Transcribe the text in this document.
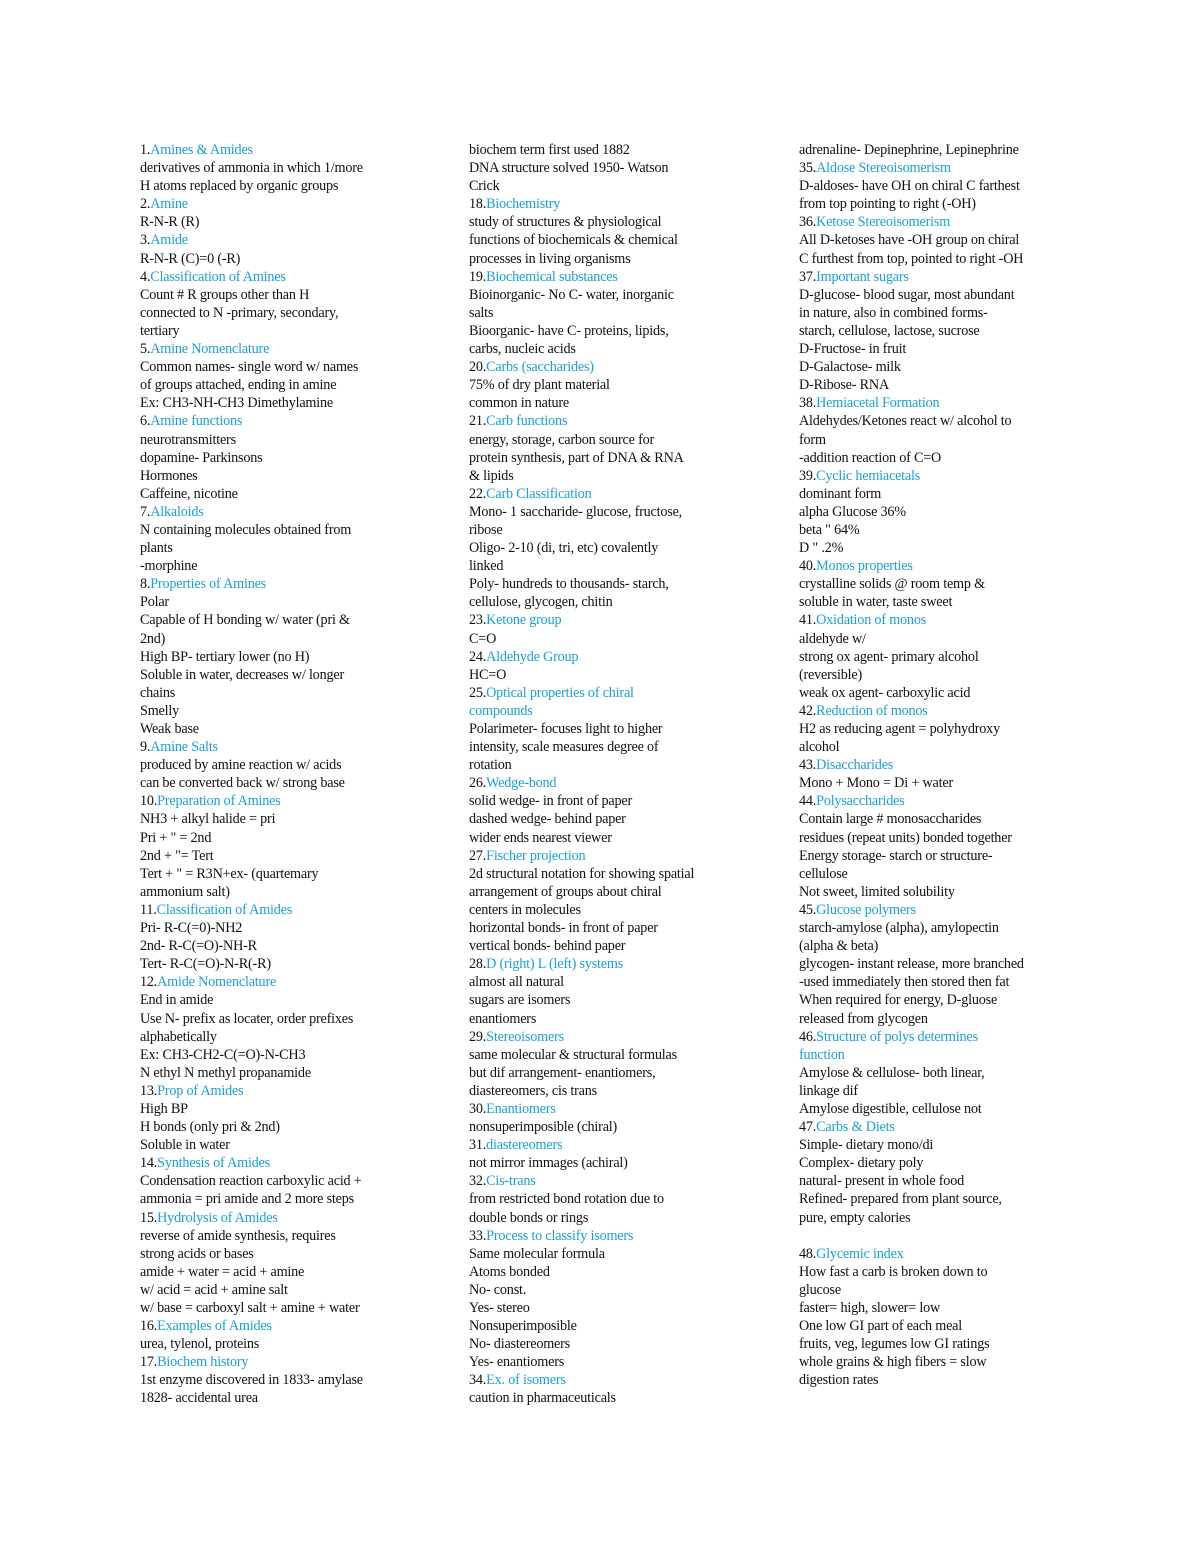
1.Amines & Amides
derivatives of ammonia in which 1/more
H atoms replaced by organic groups
2.Amine
R-N-R (R)
3.Amide
R-N-R (C)=0 (-R)
4.Classification of Amines
Count # R groups other than H
connected to N -primary, secondary,
tertiary
5.Amine Nomenclature
Common names- single word w/ names
of groups attached, ending in amine
Ex: CH3-NH-CH3 Dimethylamine
6.Amine functions
neurotransmitters
dopamine- Parkinsons
Hormones
Caffeine, nicotine
7.Alkaloids
N containing molecules obtained from
plants
-morphine
8.Properties of Amines
Polar
Capable of H bonding w/ water (pri &
2nd)
High BP- tertiary lower (no H)
Soluble in water, decreases w/ longer
chains
Smelly
Weak base
9.Amine Salts
produced by amine reaction w/ acids
can be converted back w/ strong base
10.Preparation of Amines
NH3 + alkyl halide = pri
Pri + " = 2nd
2nd + "= Tert
Tert + " = R3N+ex- (quartemary
ammonium salt)
11.Classification of Amides
Pri- R-C(=0)-NH2
2nd- R-C(=O)-NH-R
Tert- R-C(=O)-N-R(-R)
12.Amide Nomenclature
End in amide
Use N- prefix as locater, order prefixes
alphabetically
Ex: CH3-CH2-C(=O)-N-CH3
N ethyl N methyl propanamide
13.Prop of Amides
High BP
H bonds (only pri & 2nd)
Soluble in water
14.Synthesis of Amides
Condensation reaction carboxylic acid +
ammonia = pri amide and 2 more steps
15.Hydrolysis of Amides
reverse of amide synthesis, requires
strong acids or bases
amide + water = acid + amine
w/ acid = acid + amine salt
w/ base = carboxyl salt + amine + water
16.Examples of Amides
urea, tylenol, proteins
17.Biochem history
1st enzyme discovered in 1833- amylase
1828- accidental urea
biochem term first used 1882
DNA structure solved 1950- Watson
Crick
18.Biochemistry
study of structures & physiological
functions of biochemicals & chemical
processes in living organisms
19.Biochemical substances
Bioinorganic- No C- water, inorganic
salts
Bioorganic- have C- proteins, lipids,
carbs, nucleic acids
20.Carbs (saccharides)
75% of dry plant material
common in nature
21.Carb functions
energy, storage, carbon source for
protein synthesis, part of DNA & RNA
& lipids
22.Carb Classification
Mono- 1 saccharide- glucose, fructose,
ribose
Oligo- 2-10 (di, tri, etc) covalently
linked
Poly- hundreds to thousands- starch,
cellulose, glycogen, chitin
23.Ketone group
C=O
24.Aldehyde Group
HC=O
25.Optical properties of chiral
compounds
Polarimeter- focuses light to higher
intensity, scale measures degree of
rotation
26.Wedge-bond
solid wedge- in front of paper
dashed wedge- behind paper
wider ends nearest viewer
27.Fischer projection
2d structural notation for showing spatial
arrangement of groups about chiral
centers in molecules
horizontal bonds- in front of paper
vertical bonds- behind paper
28.D (right) L (left) systems
almost all natural
sugars are isomers
enantiomers
29.Stereoisomers
same molecular & structural formulas
but dif arrangement- enantiomers,
diastereomers, cis trans
30.Enantiomers
nonsuperimposible (chiral)
31.diastereomers
not mirror immages (achiral)
32.Cis-trans
from restricted bond rotation due to
double bonds or rings
33.Process to classify isomers
Same molecular formula
Atoms bonded
No- const.
Yes- stereo
Nonsuperimposible
No- diastereomers
Yes- enantiomers
34.Ex. of isomers
caution in pharmaceuticals
adrenaline- Depinephrine, Lepinephrine
35.Aldose Stereoisomerism
D-aldoses- have OH on chiral C farthest
from top pointing to right (-OH)
36.Ketose Stereoisomerism
All D-ketoses have -OH group on chiral
C furthest from top, pointed to right -OH
37.Important sugars
D-glucose- blood sugar, most abundant
in nature, also in combined forms-
starch, cellulose, lactose, sucrose
D-Fructose- in fruit
D-Galactose- milk
D-Ribose- RNA
38.Hemiacetal Formation
Aldehydes/Ketones react w/ alcohol to
form
-addition reaction of C=O
39.Cyclic hemiacetals
dominant form
alpha Glucose 36%
beta " 64%
D " .2%
40.Monos properties
crystalline solids @ room temp &
soluble in water, taste sweet
41.Oxidation of monos
aldehyde w/
strong ox agent- primary alcohol
(reversible)
weak ox agent- carboxylic acid
42.Reduction of monos
H2 as reducing agent = polyhydroxy
alcohol
43.Disaccharides
Mono + Mono = Di + water
44.Polysaccharides
Contain large # monosaccharides
residues (repeat units) bonded together
Energy storage- starch or structure-
cellulose
Not sweet, limited solubility
45.Glucose polymers
starch-amylose (alpha), amylopectin
(alpha & beta)
glycogen- instant release, more branched
-used immediately then stored then fat
When required for energy, D-gluose
released from glycogen
46.Structure of polys determines
function
Amylose & cellulose- both linear,
linkage dif
Amylose digestible, cellulose not
47.Carbs & Diets
Simple- dietary mono/di
Complex- dietary poly
natural- present in whole food
Refined- prepared from plant source,
pure, empty calories
48.Glycemic index
How fast a carb is broken down to
glucose
faster= high, slower= low
One low GI part of each meal
fruits, veg, legumes low GI ratings
whole grains & high fibers = slow
digestion rates
